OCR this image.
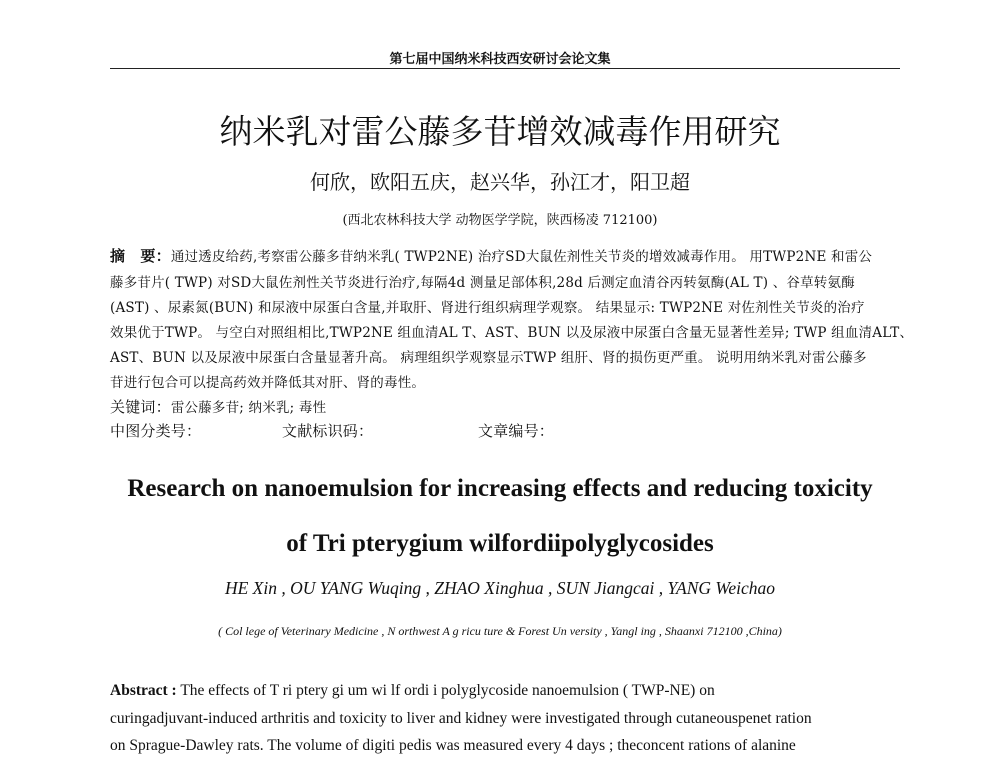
第七届中国纳米科技西安研讨会论文集
纳米乳对雷公藤多苷增效减毒作用研究
何欣，欧阳五庆，赵兴华，孙江才，阳卫超
(西北农林科技大学 动物医学学院，陕西杨凌 712100)
摘　要：通过透皮给药,考察雷公藤多苷纳米乳( TWP2NE) 治疗SD大鼠佐剂性关节炎的增效减毒作用。 用TWP2NE 和雷公
藤多苷片( TWP) 对SD大鼠佐剂性关节炎进行治疗,每隔4d 测量足部体积,28d 后测定血清谷丙转氨酶(AL T) 、谷草转氨酶
(AST) 、尿素氮(BUN) 和尿液中尿蛋白含量,并取肝、肾进行组织病理学观察。 结果显示: TWP2NE 对佐剂性关节炎的治疗
效果优于TWP。 与空白对照组相比,TWP2NE 组血清AL T、AST、BUN 以及尿液中尿蛋白含量无显著性差异; TWP 组血清ALT、
AST、BUN 以及尿液中尿蛋白含量显著升高。 病理组织学观察显示TWP 组肝、肾的损伤更严重。 说明用纳米乳对雷公藤多
苷进行包合可以提高药效并降低其对肝、肾的毒性。
关键词：雷公藤多苷; 纳米乳; 毒性
中图分类号：	文献标识码：	文章编号：
Research on nanoemulsion for increasing effects and reducing toxicity
of Tri pterygium wilfordiipolyglycosides
HE Xin , OU YANG Wuqing , ZHAO Xinghua , SUN Jiangcai , YANG Weichao
( Col lege of Veterinary Medicine , N orthwest A g ricu ture & Forest Un versity , Yangl ing , Shaanxi 712100 ,China)
Abstract : The effects of T ri ptery gi um wi lf ordi i polyglycoside nanoemulsion ( TWP-NE) on
curingadjuvant-induced arthritis and toxicity to liver and kidney were investigated through cutaneouspenet ration
on Sprague-Dawley rats. The volume of digiti pedis was measured every 4 days ; theconcent rations of alanine
